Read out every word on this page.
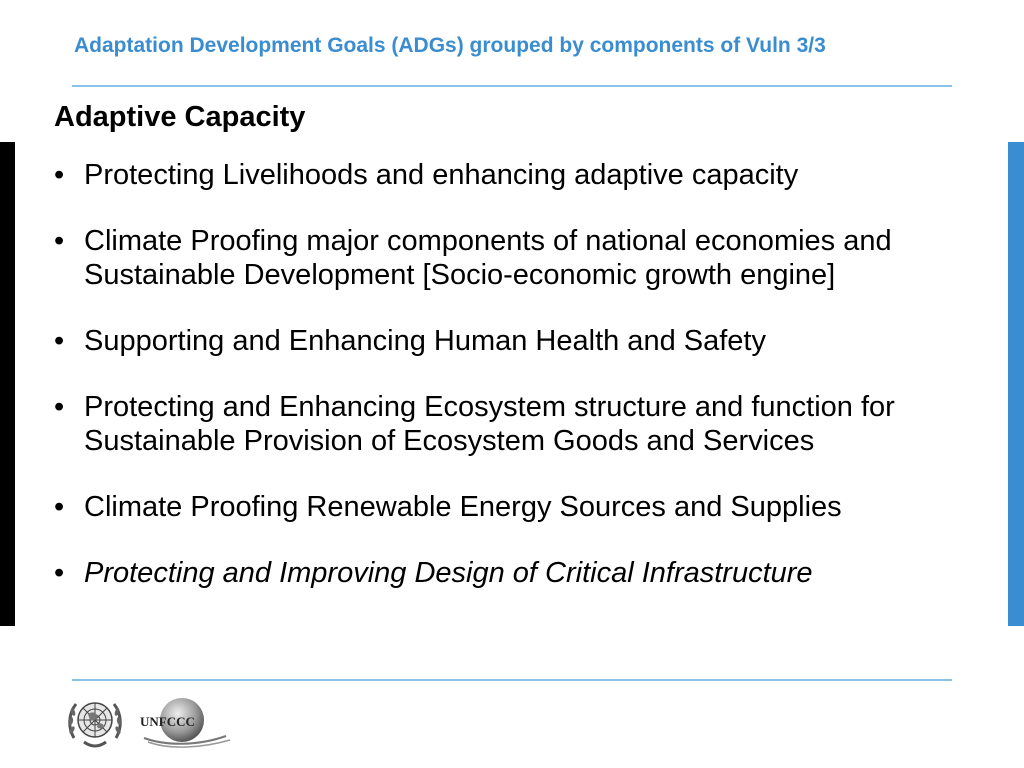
Adaptation Development Goals (ADGs) grouped by components of Vuln 3/3
Adaptive Capacity
• Protecting Livelihoods and enhancing adaptive capacity
• Climate Proofing major components of national economies and Sustainable Development [Socio-economic growth engine]
• Supporting and Enhancing Human Health and Safety
• Protecting and Enhancing Ecosystem structure and function for Sustainable Provision of Ecosystem Goods and Services
• Climate Proofing Renewable Energy Sources and Supplies
• Protecting and Improving Design of Critical Infrastructure
UNFCCC
